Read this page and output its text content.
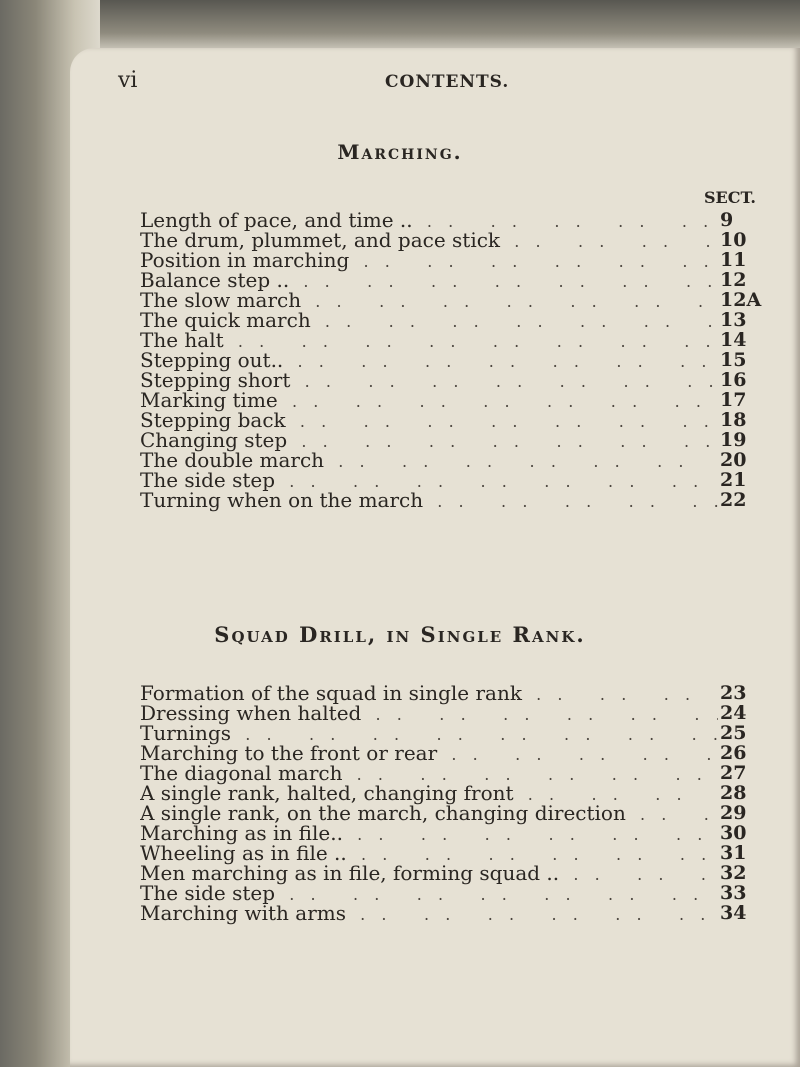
vi	CONTENTS.

Marching.

SECT.

Length of pace, and time .. . .	9
The drum, plummet, and pace stick . .	10
Position in marching . .	11
Balance step .. . .	12
The slow march . .	12A
The quick march . .	13
The halt . .	14
Stepping out.. . .	15
Stepping short . .	16
Marking time . .	17
Stepping back . .	18
Changing step . .	19
The double march . .	20
The side step . .	21
Turning when on the march . .	22
Squad Drill, in Single Rank.
Formation of the squad in single rank . .	23
Dressing when halted . .	24
Turnings . .	25
Marching to the front or rear . .	26
The diagonal march . .	27
A single rank, halted, changing front . .	28
A single rank, on the march, changing direction . .	29
Marching as in file.. . .	30
Wheeling as in file .. . .	31
Men marching as in file, forming squad .. . .	32
The side step . .	33
Marching with arms . .	34
